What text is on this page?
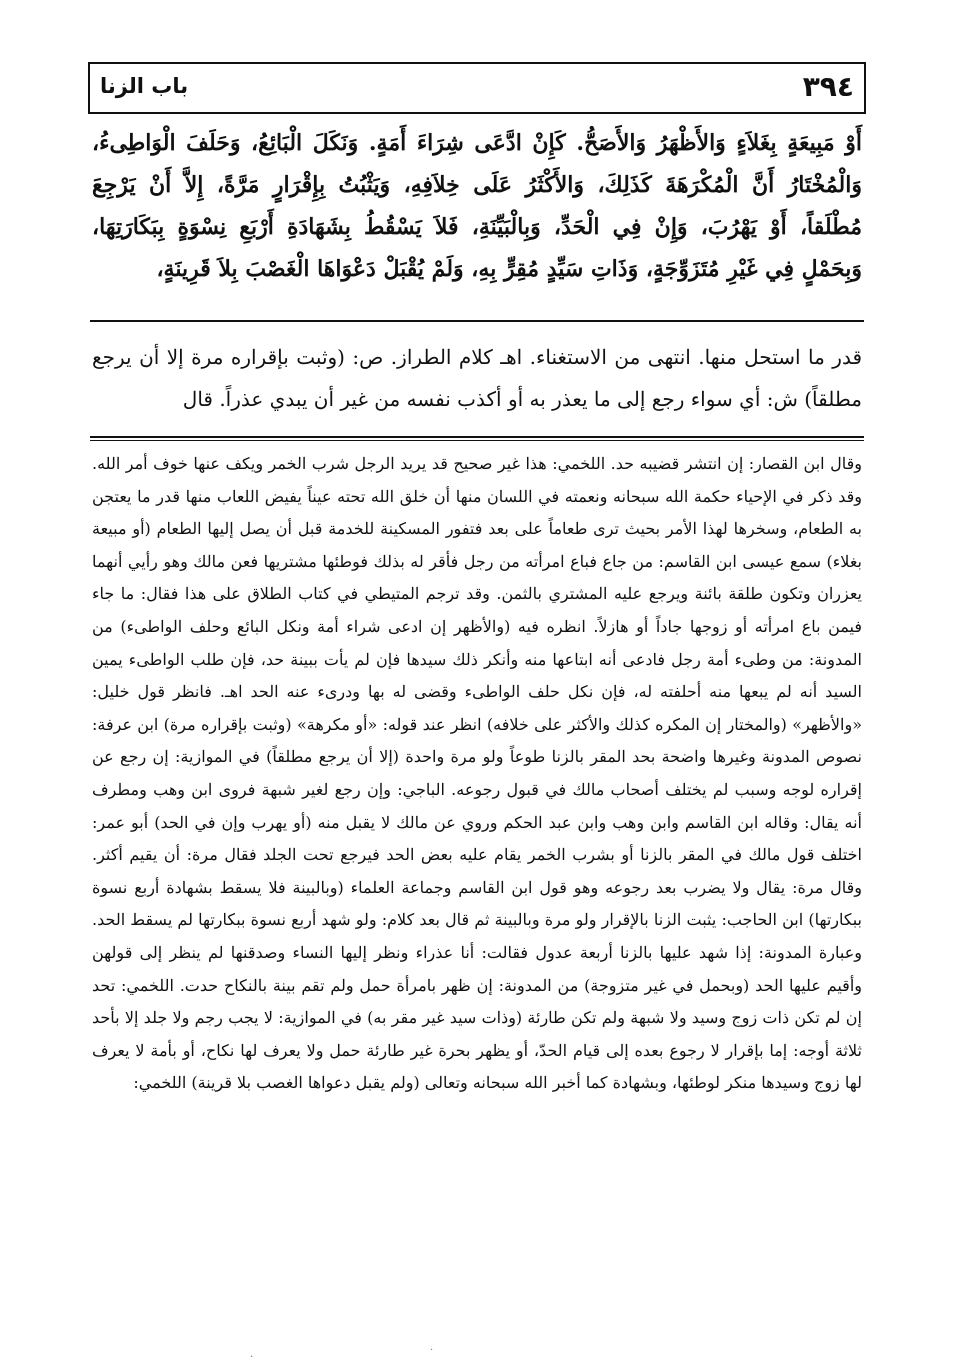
٣٩٤
باب الزنا

أَوْ مَبِيعَةٍ بِغَلاَءٍ وَالأَظْهَرُ وَالأَصَحُّ. كَإِنْ ادَّعَى شِرَاءَ أَمَةٍ. وَنَكَلَ الْبَائِعُ، وَحَلَفَ الْوَاطِىءُ، وَالْمُخْتَارُ أَنَّ الْمُكْرَهَةَ كَذَلِكَ، وَالأَكْثَرُ عَلَى خِلاَفِهِ، وَيَثْبُتُ بِإِقْرَارٍ مَرَّةً، إِلاَّ أَنْ يَرْجِعَ مُطْلَقاً، أَوْ يَهْرُبَ، وَإِنْ فِي الْحَدِّ، وَبِالْبَيِّنَةِ، فَلاَ يَسْقُطُ بِشَهَادَةِ أَرْبَعِ نِسْوَةٍ بِبَكَارَتِهَا، وَبِحَمْلٍ فِي غَيْرِ مُتَزَوِّجَةٍ، وَذَاتِ سَيِّدٍ مُقِرٍّ بِهِ، وَلَمْ يُقْبَلْ دَعْوَاهَا الْغَصْبَ بِلاَ قَرِينَةٍ،

قدر ما استحل منها. انتهى من الاستغناء. اهـ كلام الطراز. ص: (وثبت بإقراره مرة إلا أن يرجع مطلقاً) ش: أي سواء رجع إلى ما يعذر به أو أكذب نفسه من غير أن يبدي عذراً. قال

وقال ابن القصار: إن انتشر قضيبه حد. اللخمي: هذا غير صحيح قد يريد الرجل شرب الخمر ويكف عنها خوف أمر الله. وقد ذكر في الإحياء حكمة الله سبحانه ونعمته في اللسان منها أن خلق الله تحته عيناً يفيض اللعاب منها قدر ما يعتجن به الطعام، وسخرها لهذا الأمر بحيث ترى طعاماً على بعد فتفور المسكينة للخدمة قبل أن يصل إليها الطعام (أو مبيعة بغلاء) سمع عيسى ابن القاسم: من جاع فباع امرأته من رجل فأقر له بذلك فوطئها مشتريها فعن مالك وهو رأيي أنهما يعزران وتكون طلقة بائنة ويرجع عليه المشتري بالثمن. وقد ترجم المتيطي في كتاب الطلاق على هذا فقال: ما جاء فيمن باع امرأته أو زوجها جاداً أو هازلاً. انظره فيه (والأظهر إن ادعى شراء أمة ونكل البائع وحلف الواطىء) من المدونة: من وطىء أمة رجل فادعى أنه ابتاعها منه وأنكر ذلك سيدها فإن لم يأت ببينة حد، فإن طلب الواطىء يمين السيد أنه لم يبعها منه أحلفته له، فإن نكل حلف الواطىء وقضى له بها ودرىء عنه الحد اهـ. فانظر قول خليل: «والأظهر» (والمختار إن المكره كذلك والأكثر على خلافه) انظر عند قوله: «أو مكرهة» (وثبت بإقراره مرة) ابن عرفة: نصوص المدونة وغيرها واضحة بحد المقر بالزنا طوعاً ولو مرة واحدة (إلا أن يرجع مطلقاً) في الموازية: إن رجع عن إقراره لوجه وسبب لم يختلف أصحاب مالك في قبول رجوعه. الباجي: وإن رجع لغير شبهة فروى ابن وهب ومطرف أنه يقال: وقاله ابن القاسم وابن وهب وابن عبد الحكم وروي عن مالك لا يقبل منه (أو يهرب وإن في الحد) أبو عمر: اختلف قول مالك في المقر بالزنا أو بشرب الخمر يقام عليه بعض الحد فيرجع تحت الجلد فقال مرة: أن يقيم أكثر. وقال مرة: يقال ولا يضرب بعد رجوعه وهو قول ابن القاسم وجماعة العلماء (وبالبينة فلا يسقط بشهادة أربع نسوة ببكارتها) ابن الحاجب: يثبت الزنا بالإقرار ولو مرة وبالبينة ثم قال بعد كلام: ولو شهد أربع نسوة ببكارتها لم يسقط الحد. وعبارة المدونة: إذا شهد عليها بالزنا أربعة عدول فقالت: أنا عذراء ونظر إليها النساء وصدقنها لم ينظر إلى قولهن وأقيم عليها الحد (وبحمل في غير متزوجة) من المدونة: إن ظهر بامرأة حمل ولم تقم بينة بالنكاح حدت. اللخمي: تحد إن لم تكن ذات زوج وسيد ولا شبهة ولم تكن طارئة (وذات سيد غير مقر به) في الموازية: لا يجب رجم ولا جلد إلا بأحد ثلاثة أوجه: إما بإقرار لا رجوع بعده إلى قيام الحدّ، أو يظهر بحرة غير طارئة حمل ولا يعرف لها نكاح، أو بأمة لا يعرف لها زوج وسيدها منكر لوطئها، وبشهادة كما أخبر الله سبحانه وتعالى (ولم يقبل دعواها الغصب بلا قرينة) اللخمي:

·
·
